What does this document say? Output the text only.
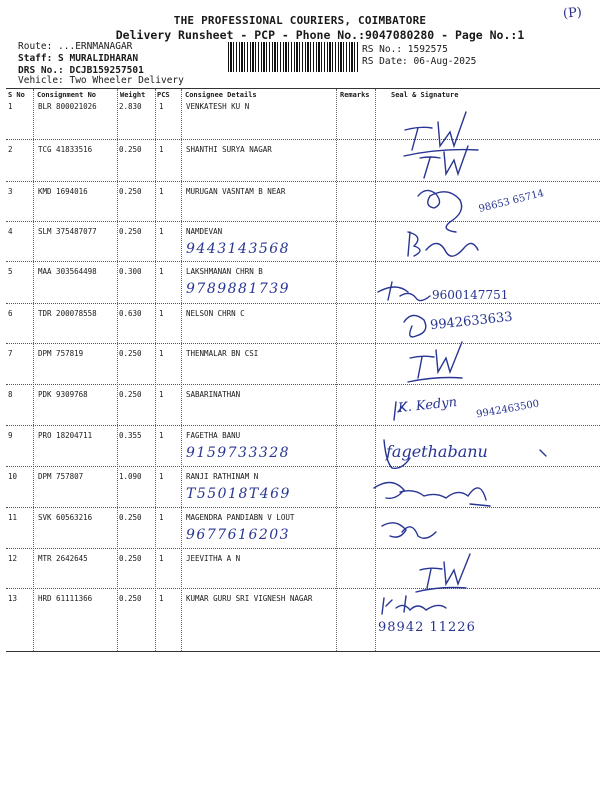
(P)
THE PROFESSIONAL COURIERS, COIMBATORE
Delivery Runsheet - PCP - Phone No.:9047080280 - Page No.:1
Route: ...ERNMANAGAR
Staff: S MURALIDHARAN
DRS No.: DCJB159257501
Vehicle: Two Wheeler Delivery
RS No.: 1592575
RS Date: 06-Aug-2025
S No Consignment No	Weight PCS Consignee Details	Remarks	Seal & Signature
1	BLR 800021026	2.830 1	VENKATESH KU N
2	TCG 41833516	0.250 1	SHANTHI SURYA NAGAR
3	KMD 1694016	0.250 1	MURUGAN VASNTAM B NEAR
4	SLM 375487077	0.250 1	NAMDEVAN
9443143568
5	MAA 303564498	0.300 1	LAKSHMANAN CHRN B
9789881739
6	TDR 200078558	0.630 1	NELSON CHRN C
7	DPM 757819	0.250 1	THENMALAR BN CSI
8	PDK 9309768	0.250 1	SABARINATHAN
9	PRO 18204711	0.355 1	FAGETHA BANU
9159733328
10	DPM 757807	1.090 1	RANJI RATHINAM N
T55018T469
11	SVK 60563216	0.250 1	MAGENDRA PANDIABN V LOUT
9677616203
12	MTR 2642645	0.250 1	JEEVITHA A N
13	HRD 61111366	0.250 1	KUMAR GURU SRI VIGNESH NAGAR
98653 65714
9600147751
9942633633
9942463500
98942 11226
K. Kedyn
fagethabanu
